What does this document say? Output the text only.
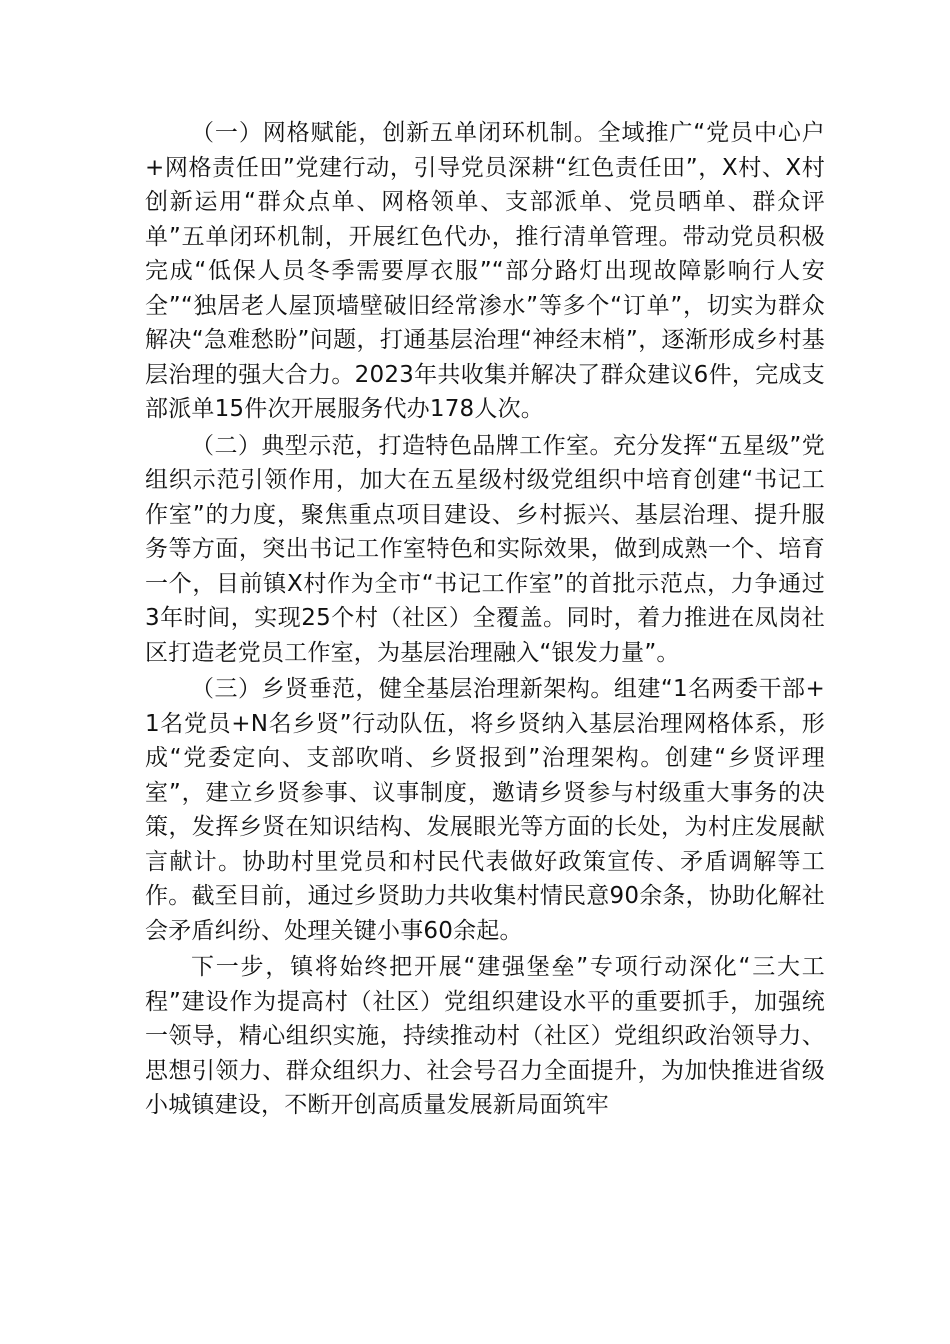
（一）网格赋能，创新五单闭环机制。全域推广“党员中心户+网格责任田”党建行动，引导党员深耕“红色责任田”，X村、X村创新运用“群众点单、网格领单、支部派单、党员晒单、群众评单”五单闭环机制，开展红色代办，推行清单管理。带动党员积极完成“低保人员冬季需要厚衣服”“部分路灯出现故障影响行人安全”“独居老人屋顶墙壁破旧经常渗水”等多个“订单”，切实为群众解决“急难愁盼”问题，打通基层治理“神经末梢”，逐渐形成乡村基层治理的强大合力。2023年共收集并解决了群众建议6件，完成支部派单15件次开展服务代办178人次。

（二）典型示范，打造特色品牌工作室。充分发挥“五星级”党组织示范引领作用，加大在五星级村级党组织中培育创建“书记工作室”的力度，聚焦重点项目建设、乡村振兴、基层治理、提升服务等方面，突出书记工作室特色和实际效果，做到成熟一个、培育一个，目前镇X村作为全市“书记工作室”的首批示范点，力争通过3年时间，实现25个村（社区）全覆盖。同时，着力推进在凤岗社区打造老党员工作室，为基层治理融入“银发力量”。

（三）乡贤垂范，健全基层治理新架构。组建“1名两委干部+1名党员+N名乡贤”行动队伍，将乡贤纳入基层治理网格体系，形成“党委定向、支部吹哨、乡贤报到”治理架构。创建“乡贤评理室”，建立乡贤参事、议事制度，邀请乡贤参与村级重大事务的决策，发挥乡贤在知识结构、发展眼光等方面的长处，为村庄发展献言献计。协助村里党员和村民代表做好政策宣传、矛盾调解等工作。截至目前，通过乡贤助力共收集村情民意90余条，协助化解社会矛盾纠纷、处理关键小事60余起。

下一步，镇将始终把开展“建强堡垒”专项行动深化“三大工程”建设作为提高村（社区）党组织建设水平的重要抓手，加强统一领导，精心组织实施，持续推动村（社区）党组织政治领导力、思想引领力、群众组织力、社会号召力全面提升，为加快推进省级小城镇建设，不断开创高质量发展新局面筑牢
